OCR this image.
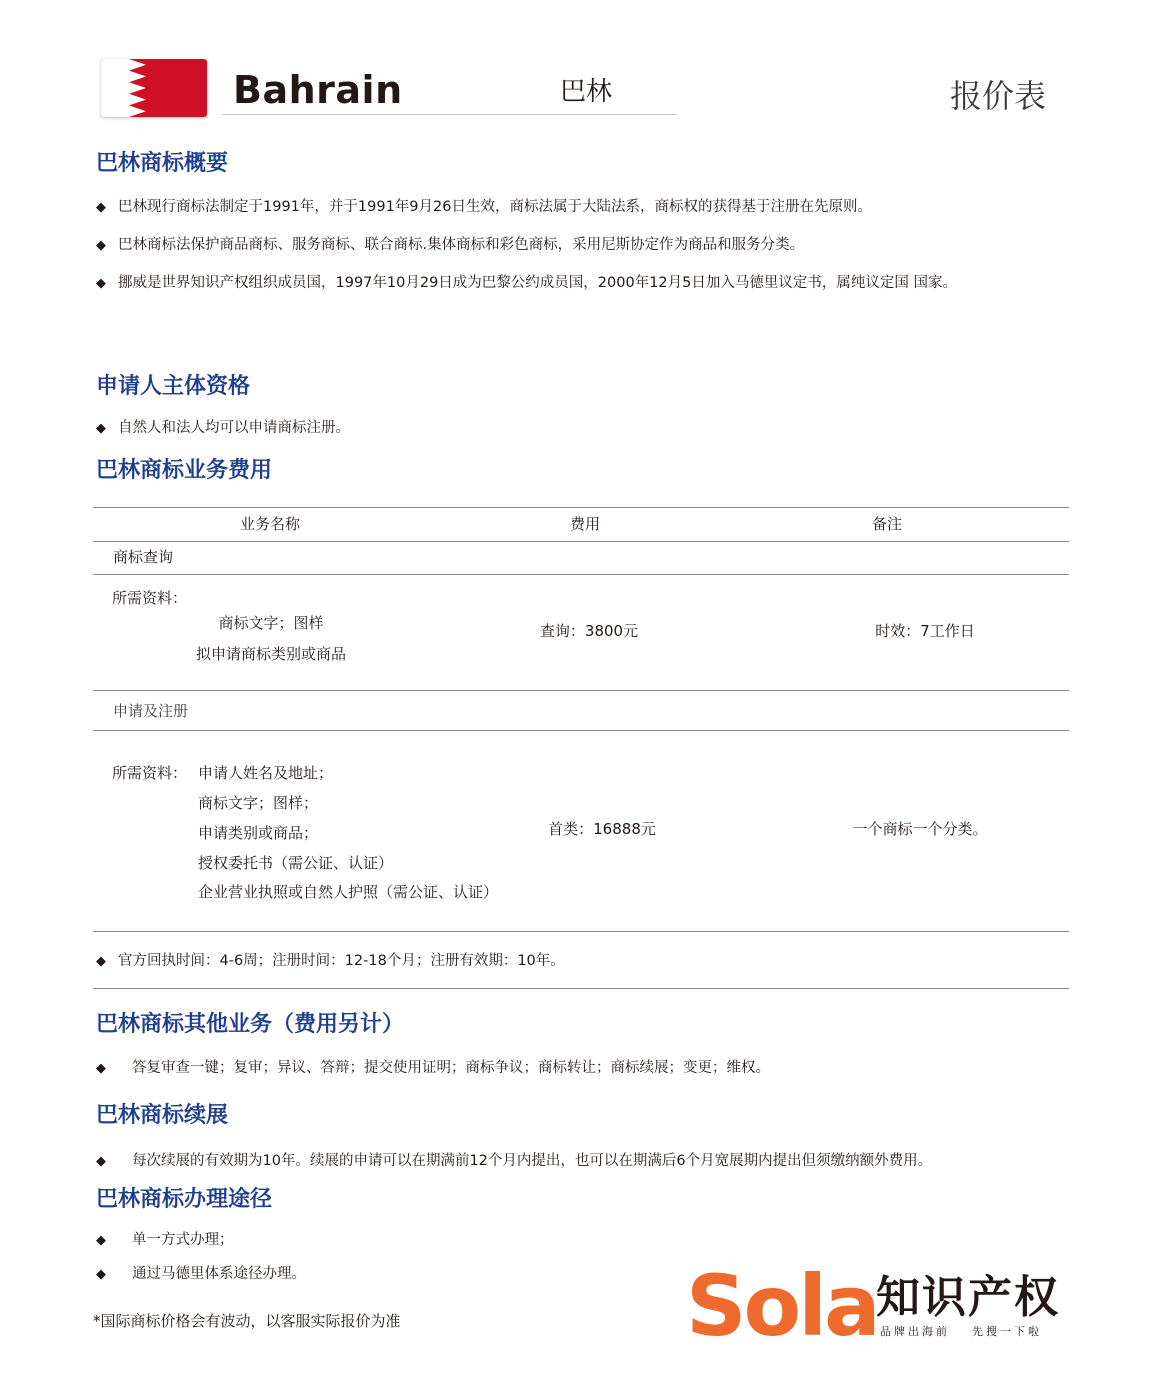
Bahrain	巴林	报价表
巴林商标概要
◆ 巴林现行商标法制定于1991年，并于1991年9月26日生效，商标法属于大陆法系，商标权的获得基于注册在先原则。
◆ 巴林商标法保护商品商标、服务商标、联合商标.集体商标和彩色商标，采用尼斯协定作为商品和服务分类。
◆ 挪威是世界知识产权组织成员国，1997年10月29日成为巴黎公约成员国，2000年12月5日加入马德里议定书，属纯议定国 国家。
申请人主体资格
◆ 自然人和法人均可以申请商标注册。
巴林商标业务费用
业务名称	费用	备注
商标查询
所需资料：
商标文字；图样
拟申请商标类别或商品
查询：3800元	时效：7工作日
申请及注册
所需资料： 申请人姓名及地址；
商标文字；图样；
申请类别或商品；
授权委托书（需公证、认证）
企业营业执照或自然人护照（需公证、认证）
首类：16888元	一个商标一个分类。
◆ 官方回执时间：4-6周；注册时间：12-18个月；注册有效期：10年。
巴林商标其他业务（费用另计）
◆ 答复审查一键；复审；异议、答辩；提交使用证明；商标争议；商标转让；商标续展；变更；维权。
巴林商标续展
◆ 每次续展的有效期为10年。续展的申请可以在期满前12个月内提出，也可以在期满后6个月宽展期内提出但须缴纳额外费用。
巴林商标办理途径
◆ 单一方式办理；
◆ 通过马德里体系途径办理。
*国际商标价格会有波动，以客服实际报价为准	Sola
知识产权
品牌出海前 先搜一下啦
